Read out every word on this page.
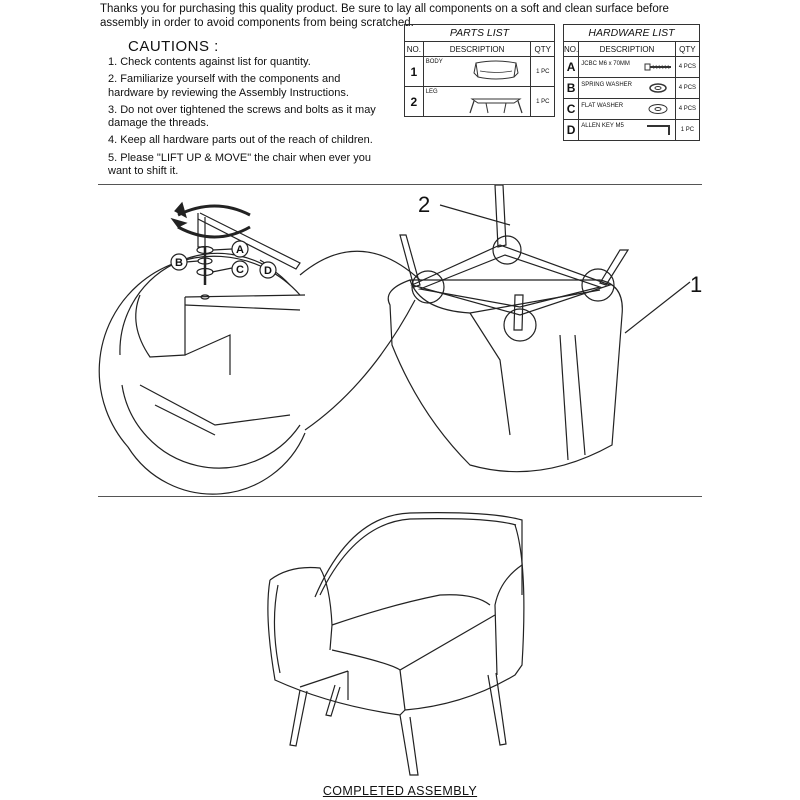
Thanks you for purchasing this quality product. Be sure to lay all components on a soft and clean surface before assembly in order to avoid components from being scratched.
CAUTIONS :
1. Check contents against list for quantity.
2. Familiarize yourself with the components and hardware by reviewing the Assembly Instructions.
3. Do not over tightened the screws and bolts as it may damage the threads.
4. Keep all hardware parts out of the reach of children.
5. Please "LIFT UP & MOVE" the chair when ever you want to shift it.
PARTS LIST		
NO.	DESCRIPTION	QTY
1	BODY	1 PC
2	LEG	1 PC
HARDWARE LIST		
NO.	DESCRIPTION	QTY
A	JCBC M6 x 70MM	4 PCS
B	SPRING WASHER	4 PCS
C	FLAT WASHER	4 PCS
D	ALLEN KEY M5	1 PC
A
B
C D
2
1
COMPLETED ASSEMBLY
